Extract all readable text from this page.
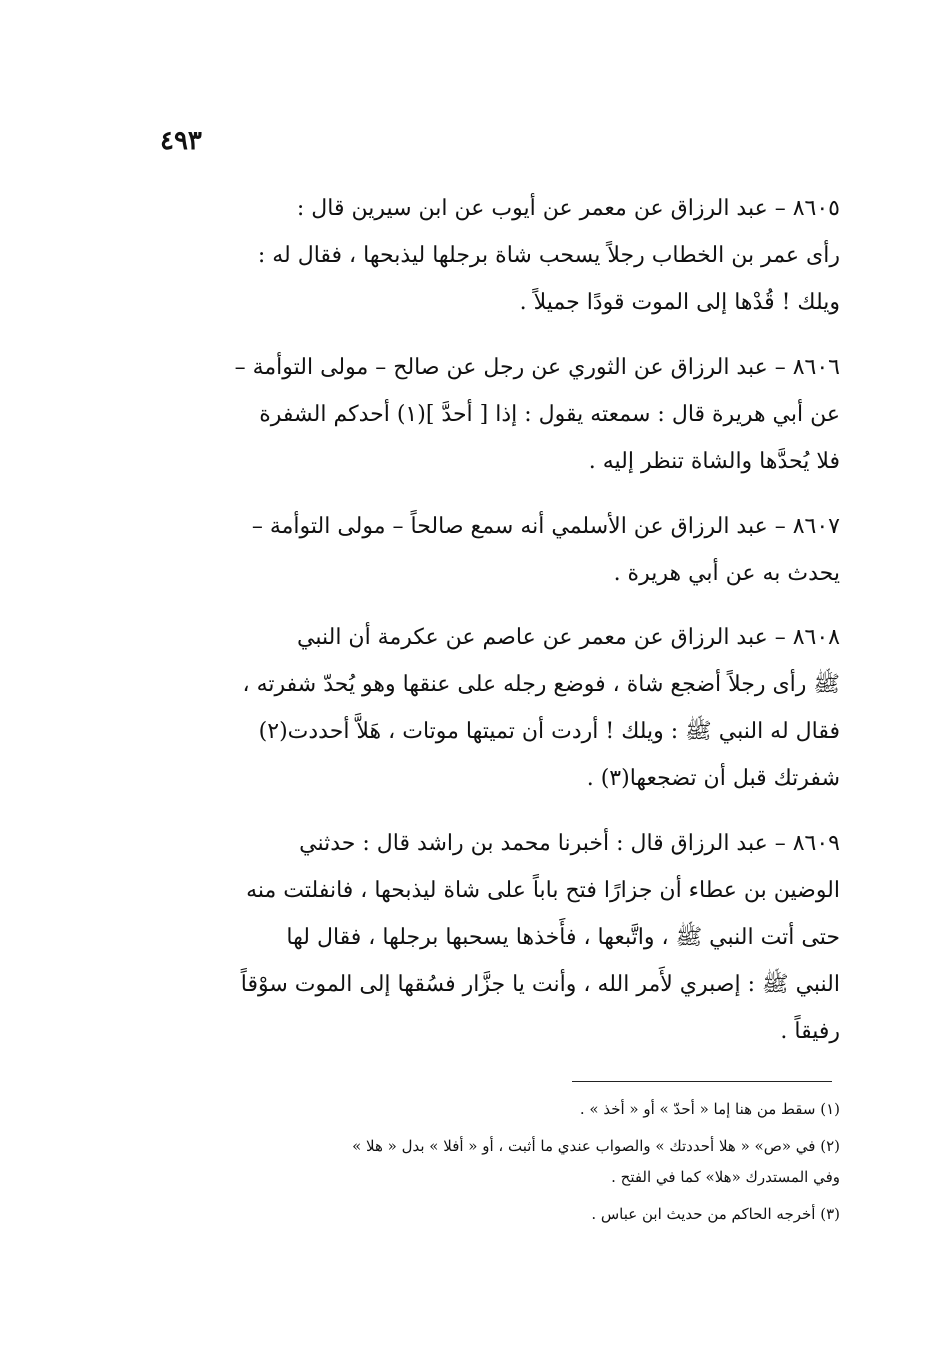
٤٩٣

٨٦٠٥ – عبد الرزاق عن معمر عن أيوب عن ابن سيرين قال :

رأى عمر بن الخطاب رجلاً يسحب شاة برجلها ليذبحها ، فقال له :

ويلك ! قُدْها إلى الموت قودًا جميلاً .

٨٦٠٦ – عبد الرزاق عن الثوري عن رجل عن صالح – مولى التوأمة –

عن أبي هريرة قال : سمعته يقول : إذا [ أحدَّ ](١) أحدكم الشفرة

فلا يُحدَّها والشاة تنظر إليه .

٨٦٠٧ – عبد الرزاق عن الأسلمي أنه سمع صالحاً – مولى التوأمة –

يحدث به عن أبي هريرة .

٨٦٠٨ – عبد الرزاق عن معمر عن عاصم عن عكرمة أن النبي

ﷺ رأى رجلاً أضجع شاة ، فوضع رجله على عنقها وهو يُحدّ شفرته ،

فقال له النبي ﷺ : ويلك ! أردت أن تميتها موتات ، هَلاَّ أحددت(٢)

شفرتك قبل أن تضجعها(٣) .

٨٦٠٩ – عبد الرزاق قال : أخبرنا محمد بن راشد قال : حدثني

الوضين بن عطاء أن جزارًا فتح باباً على شاة ليذبحها ، فانفلتت منه

حتى أتت النبي ﷺ ، واتَّبعها ، فأَخذها يسحبها برجلها ، فقال لها

النبي ﷺ : إصبري لأَمر الله ، وأنت يا جزَّار فسُقها إلى الموت سوْقاً

رفيقاً .

(١) سقط من هنا إما « أحدّ » أو « أخذ » .

(٢) في «ص» « هلا أحددتك » والصواب عندي ما أثبت ، أو « أفلا » بدل « هلا »

وفي المستدرك «هلا» كما في الفتح .

(٣) أخرجه الحاكم من حديث ابن عباس .
